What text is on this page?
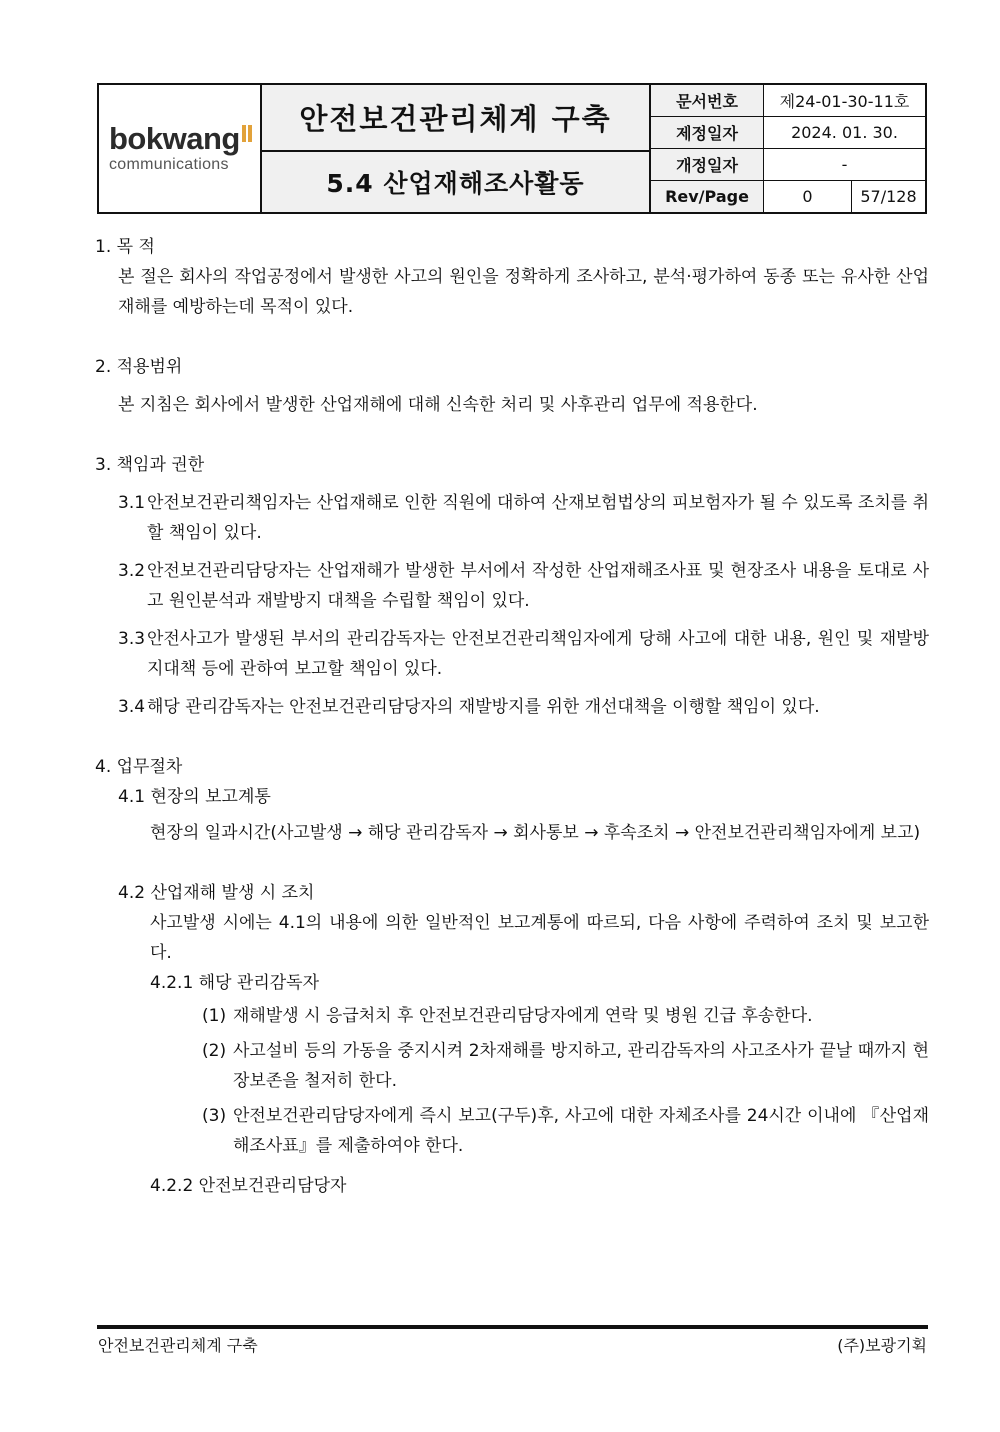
bokwang
communications
안전보건관리체계 구축
5.4 산업재해조사활동
문서번호	제24-01-30-11호
제정일자	2024. 01. 30.
개정일자	-
Rev/Page	0	57/128
1. 목 적
본 절은 회사의 작업공정에서 발생한 사고의 원인을 정확하게 조사하고, 분석·평가하여 동종 또는 유사한 산업재해를 예방하는데 목적이 있다.
2. 적용범위
본 지침은 회사에서 발생한 산업재해에 대해 신속한 처리 및 사후관리 업무에 적용한다.
3. 책임과 권한
3.1 안전보건관리책임자는 산업재해로 인한 직원에 대하여 산재보험법상의 피보험자가 될 수 있도록 조치를 취할 책임이 있다.
3.2 안전보건관리담당자는 산업재해가 발생한 부서에서 작성한 산업재해조사표 및 현장조사 내용을 토대로 사고 원인분석과 재발방지 대책을 수립할 책임이 있다.
3.3 안전사고가 발생된 부서의 관리감독자는 안전보건관리책임자에게 당해 사고에 대한 내용, 원인 및 재발방지대책 등에 관하여 보고할 책임이 있다.
3.4 해당 관리감독자는 안전보건관리담당자의 재발방지를 위한 개선대책을 이행할 책임이 있다.
4. 업무절차
4.1 현장의 보고계통
현장의 일과시간(사고발생 → 해당 관리감독자 → 회사통보 → 후속조치 → 안전보건관리책임자에게 보고)
4.2 산업재해 발생 시 조치
사고발생 시에는 4.1의 내용에 의한 일반적인 보고계통에 따르되, 다음 사항에 주력하여 조치 및 보고한다.
4.2.1 해당 관리감독자
(1) 재해발생 시 응급처치 후 안전보건관리담당자에게 연락 및 병원 긴급 후송한다.
(2) 사고설비 등의 가동을 중지시켜 2차재해를 방지하고, 관리감독자의 사고조사가 끝날 때까지 현장보존을 철저히 한다.
(3) 안전보건관리담당자에게 즉시 보고(구두)후, 사고에 대한 자체조사를 24시간 이내에 『산업재해조사표』를 제출하여야 한다.
4.2.2 안전보건관리담당자
안전보건관리체계 구축	(주)보광기획
